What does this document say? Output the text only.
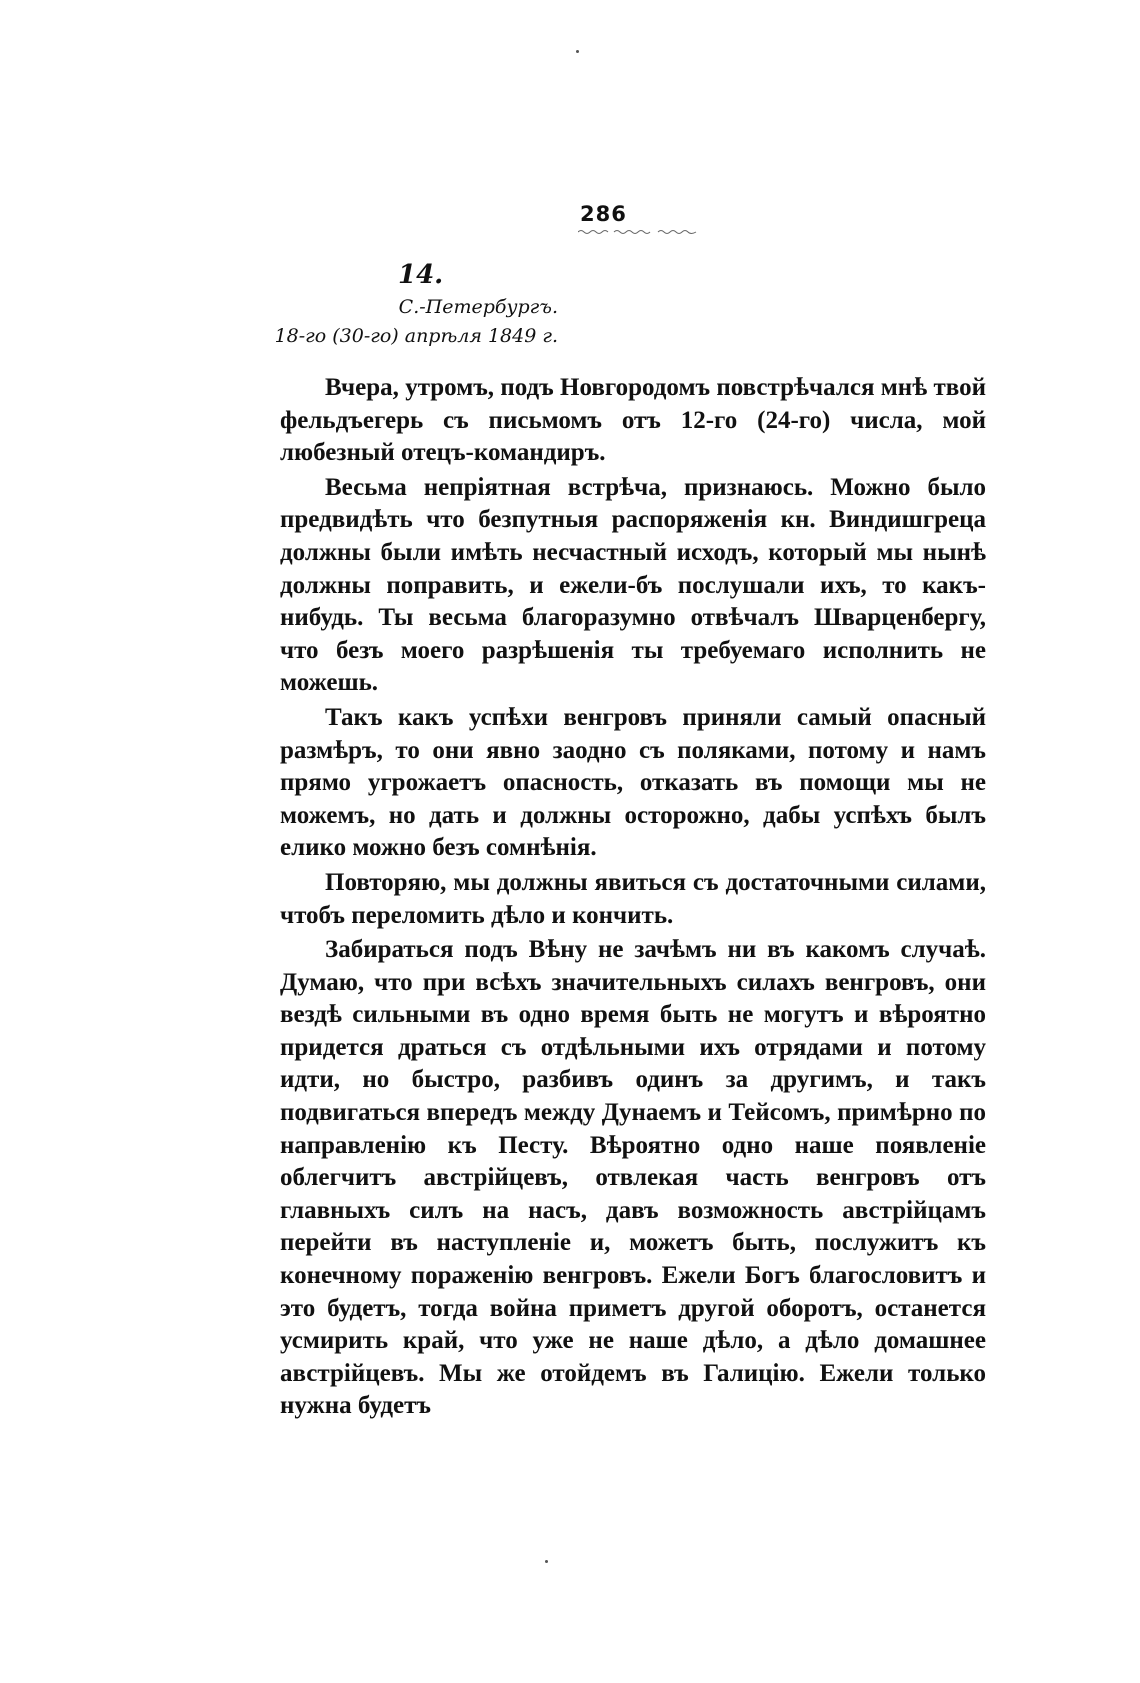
286
14.
С.-Петербургъ.
18-го (30-го) апрѣля 1849 г.

Вчера, утромъ, подъ Новгородомъ повстрѣчался мнѣ твой фельдъегерь съ письмомъ отъ 12-го (24-го) числа, мой любезный отецъ-командиръ.

Весьма непріятная встрѣча, признаюсь. Можно было предвидѣть что безпутныя распоряженія кн. Виндишгреца должны были имѣть несчастный исходъ, который мы нынѣ должны поправить, и ежели-бъ послушали ихъ, то какъ-нибудь. Ты весьма благоразумно отвѣчалъ Шварценбергу, что безъ моего разрѣшенія ты требуемаго исполнить не можешь.

Такъ какъ успѣхи венгровъ приняли самый опасный размѣръ, то они явно заодно съ поляками, потому и намъ прямо угрожаетъ опасность, отказать въ помощи мы не можемъ, но дать и должны осторожно, дабы успѣхъ былъ елико можно безъ сомнѣнія.

Повторяю, мы должны явиться съ достаточными силами, чтобъ переломить дѣло и кончить.

Забираться подъ Вѣну не зачѣмъ ни въ какомъ случаѣ. Думаю, что при всѣхъ значительныхъ силахъ венгровъ, они вездѣ сильными въ одно время быть не могутъ и вѣроятно придется драться съ отдѣльными ихъ отрядами и потому идти, но быстро, разбивъ одинъ за другимъ, и такъ подвигаться впередъ между Дунаемъ и Тейсомъ, примѣрно по направленію къ Песту. Вѣроятно одно наше появленіе облегчитъ австрійцевъ, отвлекая часть венгровъ отъ главныхъ силъ на насъ, давъ возможность австрійцамъ перейти въ наступленіе и, можетъ быть, послужитъ къ конечному пораженію венгровъ. Ежели Богъ благословитъ и это будетъ, тогда война приметъ другой оборотъ, останется усмирить край, что уже не наше дѣло, а дѣло домашнее австрійцевъ. Мы же отойдемъ въ Галицію. Ежели только нужна будетъ
